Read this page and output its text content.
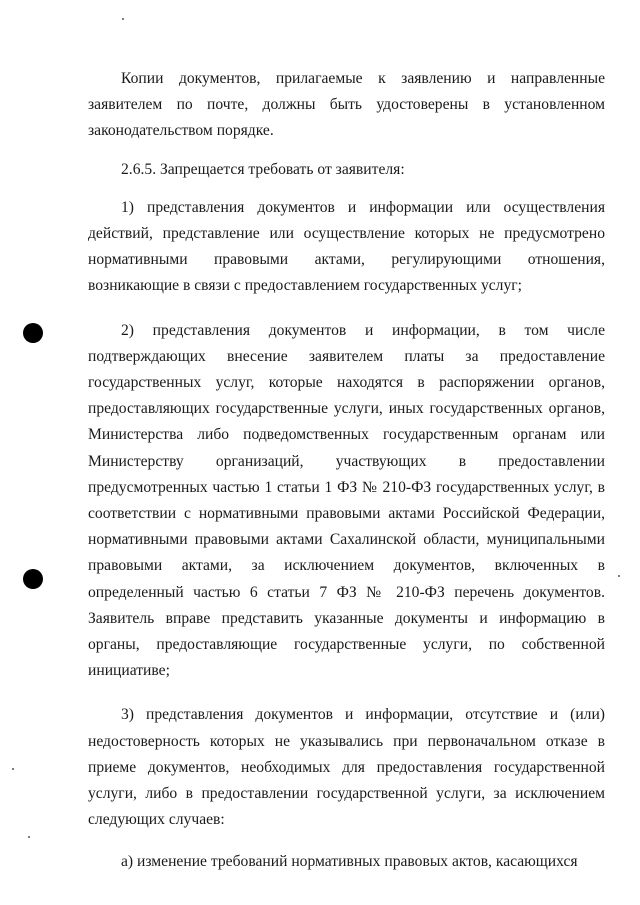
Копии документов, прилагаемые к заявлению и направленные заявителем по почте, должны быть удостоверены в установленном законодательством порядке.

2.6.5. Запрещается требовать от заявителя:

1) представления документов и информации или осуществления действий, представление или осуществление которых не предусмотрено нормативными правовыми актами, регулирующими отношения, возникающие в связи с предоставлением государственных услуг;

2) представления документов и информации, в том числе подтверждающих внесение заявителем платы за предоставление государственных услуг, которые находятся в распоряжении органов, предоставляющих государственные услуги, иных государственных органов, Министерства либо подведомственных государственным органам или Министерству организаций, участвующих в предоставлении предусмотренных частью 1 статьи 1 ФЗ № 210-ФЗ государственных услуг, в соответствии с нормативными правовыми актами Российской Федерации, нормативными правовыми актами Сахалинской области, муниципальными правовыми актами, за исключением документов, включенных в определенный частью 6 статьи 7 ФЗ № 210-ФЗ перечень документов. Заявитель вправе представить указанные документы и информацию в органы, предоставляющие государственные услуги, по собственной инициативе;

3) представления документов и информации, отсутствие и (или) недостоверность которых не указывались при первоначальном отказе в приеме документов, необходимых для предоставления государственной услуги, либо в предоставлении государственной услуги, за исключением следующих случаев:

а) изменение требований нормативных правовых актов, касающихся
